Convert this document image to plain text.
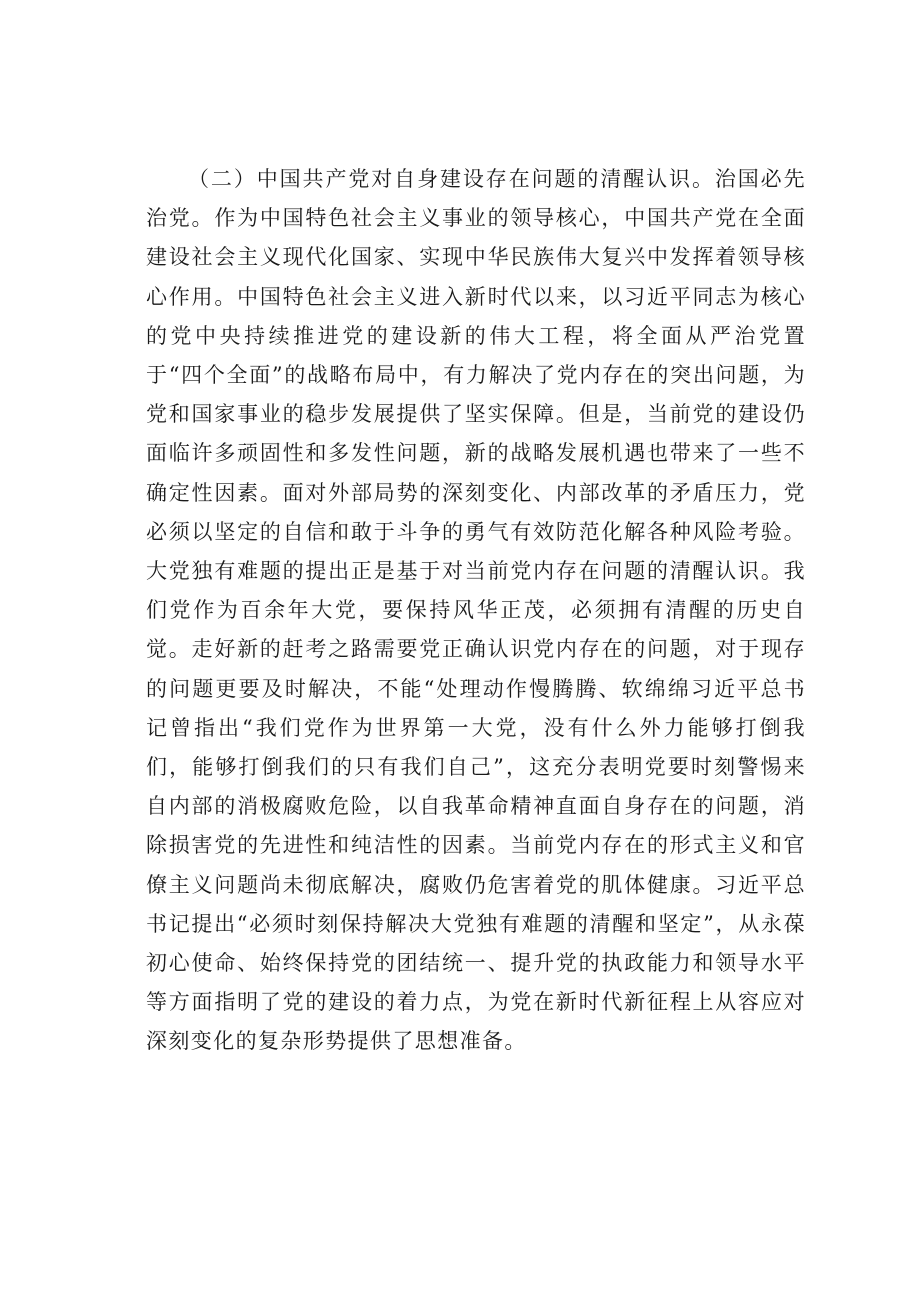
（二）中国共产党对自身建设存在问题的清醒认识。治国必先治党。作为中国特色社会主义事业的领导核心，中国共产党在全面建设社会主义现代化国家、实现中华民族伟大复兴中发挥着领导核心作用。中国特色社会主义进入新时代以来，以习近平同志为核心的党中央持续推进党的建设新的伟大工程，将全面从严治党置于“四个全面”的战略布局中，有力解决了党内存在的突出问题，为党和国家事业的稳步发展提供了坚实保障。但是，当前党的建设仍面临许多顽固性和多发性问题，新的战略发展机遇也带来了一些不确定性因素。面对外部局势的深刻变化、内部改革的矛盾压力，党必须以坚定的自信和敢于斗争的勇气有效防范化解各种风险考验。大党独有难题的提出正是基于对当前党内存在问题的清醒认识。我们党作为百余年大党，要保持风华正茂，必须拥有清醒的历史自觉。走好新的赶考之路需要党正确认识党内存在的问题，对于现存的问题更要及时解决，不能“处理动作慢腾腾、软绵绵习近平总书记曾指出“我们党作为世界第一大党，没有什么外力能够打倒我们，能够打倒我们的只有我们自己”，这充分表明党要时刻警惕来自内部的消极腐败危险，以自我革命精神直面自身存在的问题，消除损害党的先进性和纯洁性的因素。当前党内存在的形式主义和官僚主义问题尚未彻底解决，腐败仍危害着党的肌体健康。习近平总书记提出“必须时刻保持解决大党独有难题的清醒和坚定”，从永葆初心使命、始终保持党的团结统一、提升党的执政能力和领导水平等方面指明了党的建设的着力点，为党在新时代新征程上从容应对深刻变化的复杂形势提供了思想准备。
